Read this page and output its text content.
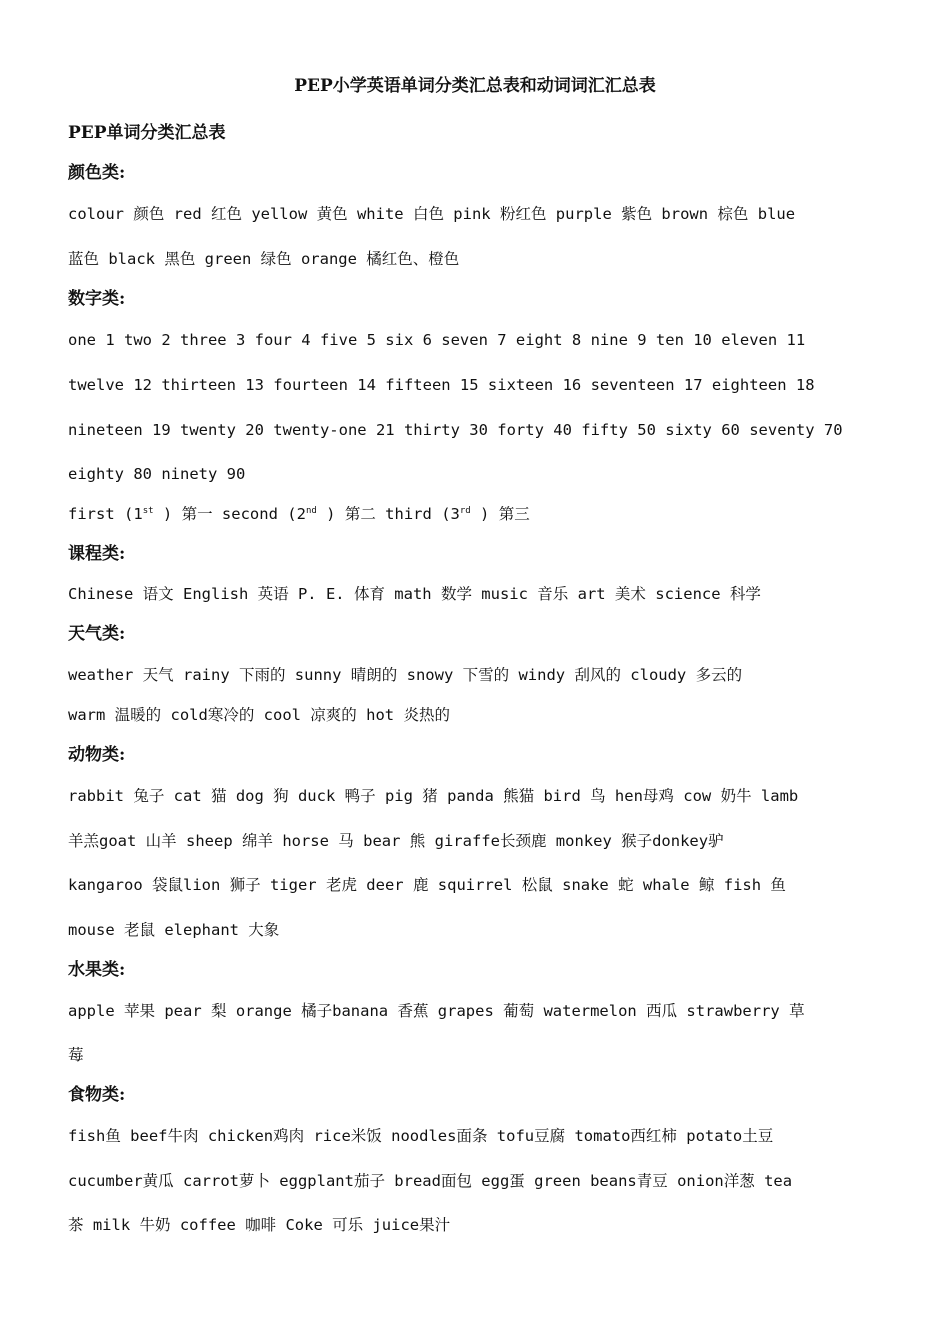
PEP小学英语单词分类汇总表和动词词汇汇总表
PEP单词分类汇总表
颜色类:
colour 颜色 red 红色 yellow 黄色 white 白色 pink 粉红色 purple 紫色 brown 棕色 blue
蓝色 black 黑色 green 绿色 orange 橘红色、橙色
数字类:
one 1 two 2 three 3 four 4 five 5 six 6 seven 7 eight 8 nine 9 ten 10 eleven 11
twelve 12 thirteen 13 fourteen 14 fifteen 15 sixteen 16 seventeen 17 eighteen 18
nineteen 19 twenty 20 twenty-one 21 thirty 30 forty 40 fifty 50 sixty 60 seventy 70
eighty 80 ninety 90
first (1st ) 第一 second (2nd ) 第二 third (3rd ) 第三
课程类:
Chinese 语文 English 英语 P. E. 体育 math 数学 music 音乐 art 美术 science 科学
天气类:
weather 天气 rainy 下雨的 sunny 晴朗的 snowy 下雪的 windy 刮风的 cloudy 多云的
warm 温暖的 cold寒冷的 cool 凉爽的 hot 炎热的
动物类:
rabbit 兔子 cat 猫 dog 狗 duck 鸭子 pig 猪 panda 熊猫 bird 鸟 hen母鸡 cow 奶牛 lamb
羊羔goat 山羊 sheep 绵羊 horse 马 bear 熊 giraffe长颈鹿 monkey 猴子donkey驴
kangaroo 袋鼠lion 狮子 tiger 老虎 deer 鹿 squirrel 松鼠 snake 蛇 whale 鲸 fish 鱼
mouse 老鼠 elephant 大象
水果类:
apple 苹果 pear 梨 orange 橘子banana 香蕉 grapes 葡萄 watermelon 西瓜 strawberry 草
莓
食物类:
fish鱼 beef牛肉 chicken鸡肉 rice米饭 noodles面条 tofu豆腐 tomato西红柿 potato土豆
cucumber黄瓜 carrot萝卜 eggplant茄子 bread面包 egg蛋 green beans青豆 onion洋葱 tea
茶 milk 牛奶 coffee 咖啡 Coke 可乐 juice果汁
